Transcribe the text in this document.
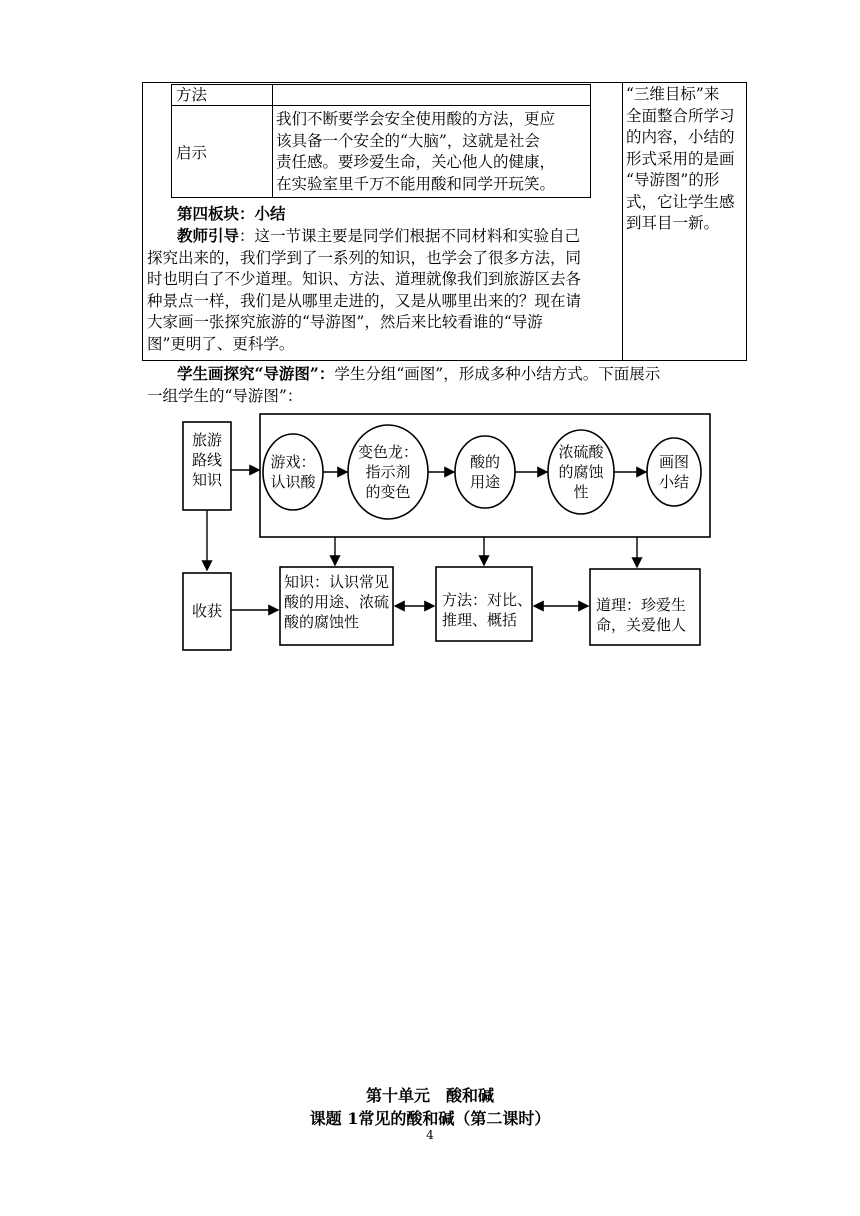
方法
启示
我们不断要学会安全使用酸的方法，更应
该具备一个安全的“大脑”，这就是社会
责任感。要珍爱生命，关心他人的健康，
在实验室里千万不能用酸和同学开玩笑。
“三维目标”来
全面整合所学习
的内容，小结的
形式采用的是画
“导游图”的形
式，它让学生感
到耳目一新。
第四板块：小结
教师引导：这一节课主要是同学们根据不同材料和实验自己
探究出来的，我们学到了一系列的知识，也学会了很多方法，同
时也明白了不少道理。知识、方法、道理就像我们到旅游区去各
种景点一样，我们是从哪里走进的，又是从哪里出来的？现在请
大家画一张探究旅游的“导游图”，然后来比较看谁的“导游
图”更明了、更科学。
学生画探究“导游图”：学生分组“画图”，形成多种小结方式。下面展示
一组学生的“导游图”：
旅游
路线
知识
游戏：
认识酸
变色龙：
指示剂
的变色
酸的
用途
浓硫酸
的腐蚀
性
画图
小结
收获
知识：认识常见
酸的用途、浓硫
酸的腐蚀性
方法：对比、
推理、概括
道理：珍爱生
命，关爱他人
第十单元　酸和碱
课题 1常见的酸和碱（第二课时）
4
